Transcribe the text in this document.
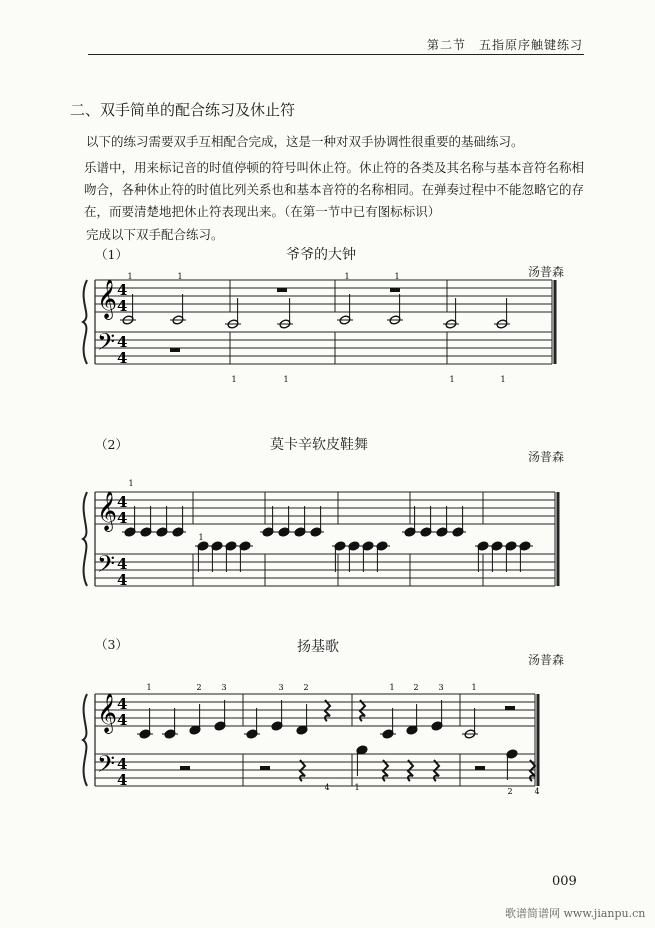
第二节　五指原序触键练习
二、双手简单的配合练习及休止符
以下的练习需要双手互相配合完成，这是一种对双手协调性很重要的基础练习。
乐谱中，用来标记音的时值停顿的符号叫休止符。休止符的各类及其名称与基本音符名称相吻合，各种休止符的时值比列关系也和基本音符的名称相同。在弹奏过程中不能忽略它的存在，而要清楚地把休止符表现出来。（在第一节中已有图标标识）
完成以下双手配合练习。
（1）	爷爷的大钟
汤普森
𝄞
𝄢
4
4
4
4
1	1	1	1
1	1	1	1
（2）	莫卡辛软皮鞋舞
汤普森
𝄞
𝄢
4
4
4
4
1
1
（3）	扬基歌
汤普森
𝄞
𝄢
4
4
4
4
1	2 3	3 2	1 2 3	1
4	1	2	4
009
歌谱简谱网 www.jianpu.cn
